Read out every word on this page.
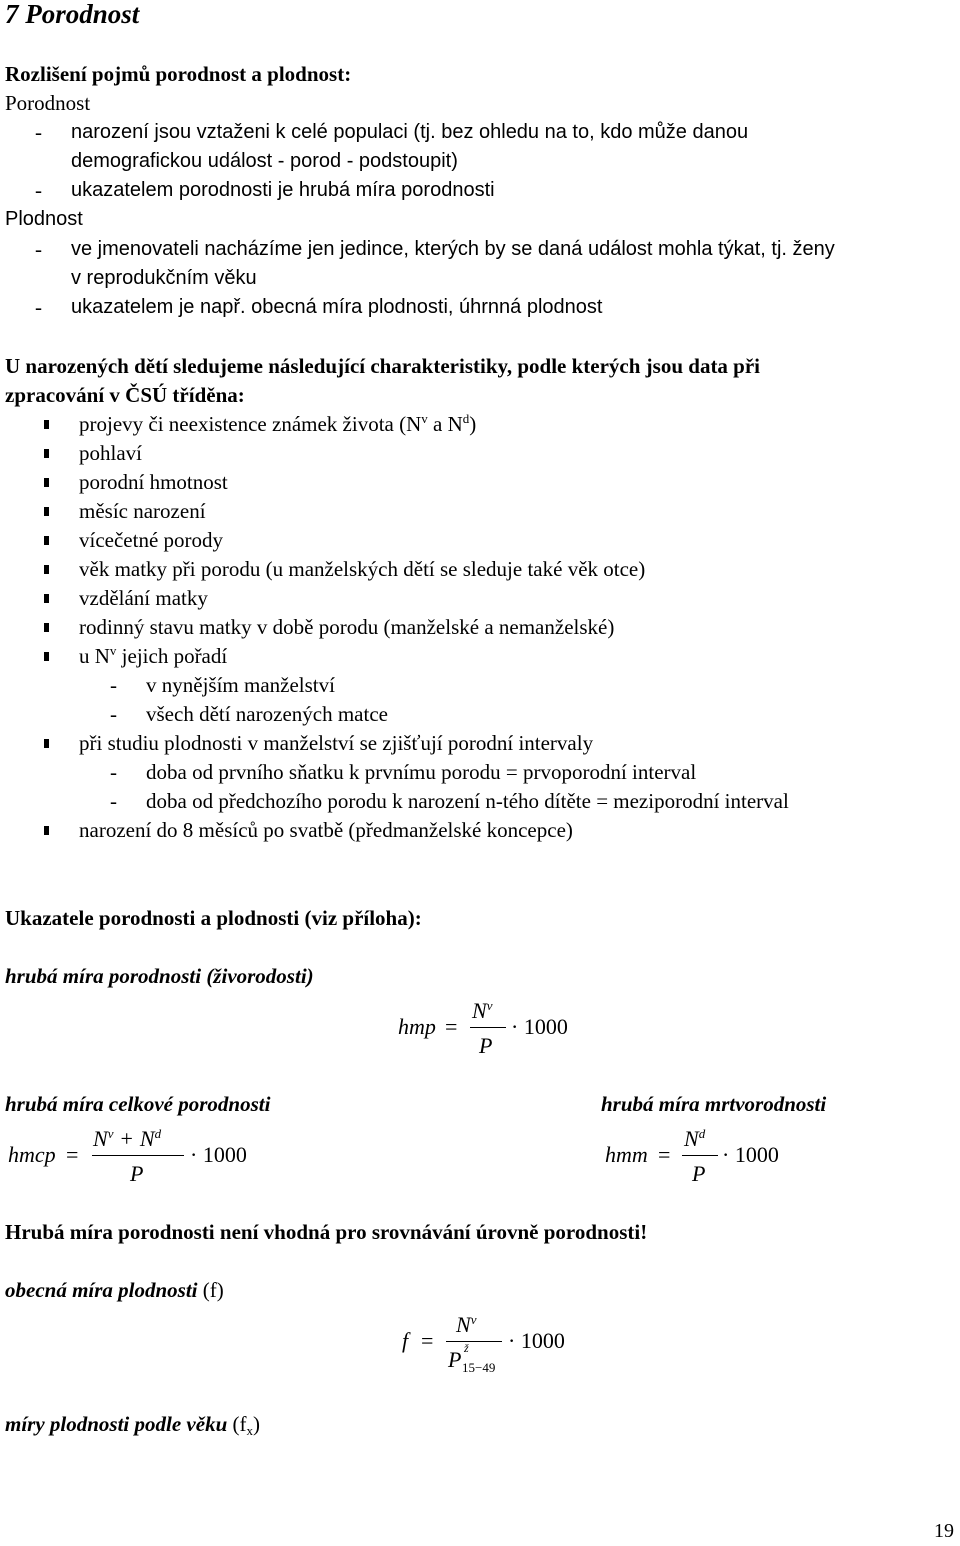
7 Porodnost
Rozlišení pojmů porodnost a plodnost:
Porodnost
- narození jsou vztaženi k celé populaci (tj. bez ohledu na to, kdo může danou
demografickou událost - porod - podstoupit)
- ukazatelem porodnosti je hrubá míra porodnosti
Plodnost
- ve jmenovateli nacházíme jen jedince, kterých by se daná událost mohla týkat, tj. ženy
v reprodukčním věku
- ukazatelem je např. obecná míra plodnosti, úhrnná plodnost
U narozených dětí sledujeme následující charakteristiky, podle kterých jsou data při
zpracování v ČSÚ tříděna:
projevy či neexistence známek života ($N^v$ a $N^d$)
pohlaví
porodní hmotnost
měsíc narození
vícečetné porody
věk matky při porodu (u manželských dětí se sleduje také věk otce)
vzdělání matky
rodinný stavu matky v době porodu (manželské a nemanželské)
u $N^v$ jejich pořadí
- v nynějším manželství
- všech dětí narozených matce
při studiu plodnosti v manželství se zjišťují porodní intervaly
- doba od prvního sňatku k prvnímu porodu = prvoporodní interval
- doba od předchozího porodu k narození n-tého dítěte = meziporodní interval
narození do 8 měsíců po svatbě (předmanželské koncepce)
Ukazatele porodnosti a plodnosti (viz příloha):
hrubá míra porodnosti (živorodosti)
hmp =
$N^v$
P
· 1000
hrubá míra celkové porodnosti	hrubá míra mrtvorodnosti
hmcp =
$N^v + N^d$
P
· 1000	hmm =
$N^d$
P
· 1000
Hrubá míra porodnosti není vhodná pro srovnávání úrovně porodnosti!
obecná míra plodnosti (f)
f =
$N^v$
P ž
15−49
· 1000
míry plodnosti podle věku $(f_x)$
19
